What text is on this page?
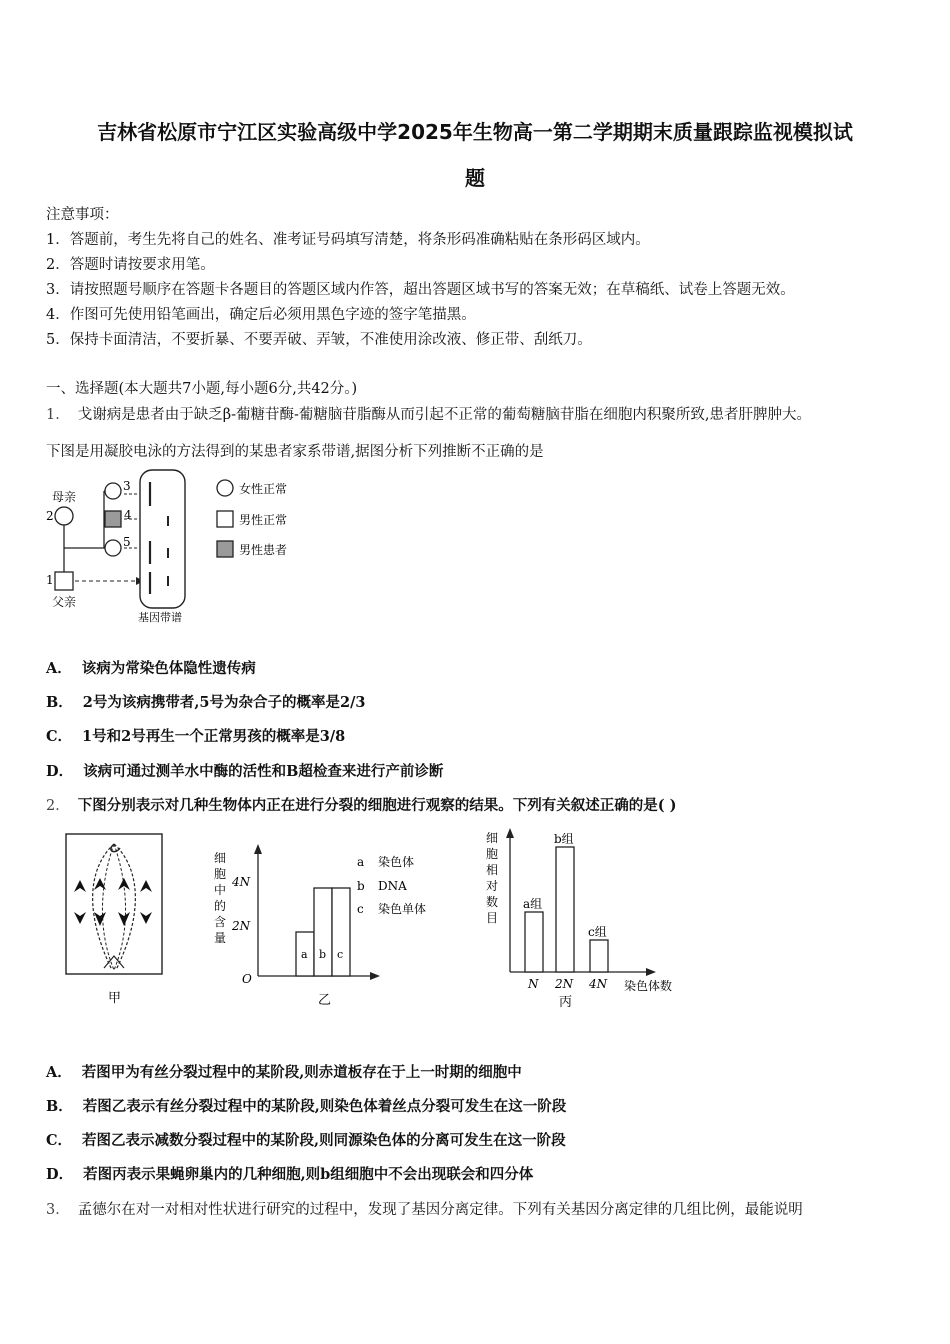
吉林省松原市宁江区实验高级中学2025年生物高一第二学期期末质量跟踪监视模拟试
题
注意事项：
1．答题前，考生先将自己的姓名、准考证号码填写清楚，将条形码准确粘贴在条形码区域内。
2．答题时请按要求用笔。
3．请按照题号顺序在答题卡各题目的答题区域内作答，超出答题区域书写的答案无效；在草稿纸、试卷上答题无效。
4．作图可先使用铅笔画出，确定后必须用黑色字迹的签字笔描黑。
5．保持卡面清洁，不要折暴、不要弄破、弄皱，不准使用涂改液、修正带、刮纸刀。
一、选择题(本大题共7小题,每小题6分,共42分。)
1． 戈谢病是患者由于缺乏β-葡糖苷酶-葡糖脑苷脂酶从而引起不正常的葡萄糖脑苷脂在细胞内积聚所致,患者肝脾肿大。
下图是用凝胶电泳的方法得到的某患者家系带谱,据图分析下列推断不正确的是
母亲
2
3
4
5
1
父亲
基因带谱
女性正常
男性正常
男性患者
A． 该病为常染色体隐性遗传病
B． 2号为该病携带者,5号为杂合子的概率是2/3
C． 1号和2号再生一个正常男孩的概率是3/8
D． 该病可通过测羊水中酶的活性和B超检查来进行产前诊断
2． 下图分别表示对几种生物体内正在进行分裂的细胞进行观察的结果。下列有关叙述正确的是( )
甲
细
胞
中
的
含
量
O
4N
2N
a b c
a 染色体
b DNA
c 染色单体
乙
细
胞
相
对
数
目
a组
N
b组
2N
c组
4N 染色体数
丙
A． 若图甲为有丝分裂过程中的某阶段,则赤道板存在于上一时期的细胞中
B． 若图乙表示有丝分裂过程中的某阶段,则染色体着丝点分裂可发生在这一阶段
C． 若图乙表示减数分裂过程中的某阶段,则同源染色体的分离可发生在这一阶段
D． 若图丙表示果蝇卵巢内的几种细胞,则b组细胞中不会出现联会和四分体
3． 孟德尔在对一对相对性状进行研究的过程中，发现了基因分离定律。下列有关基因分离定律的几组比例，最能说明
